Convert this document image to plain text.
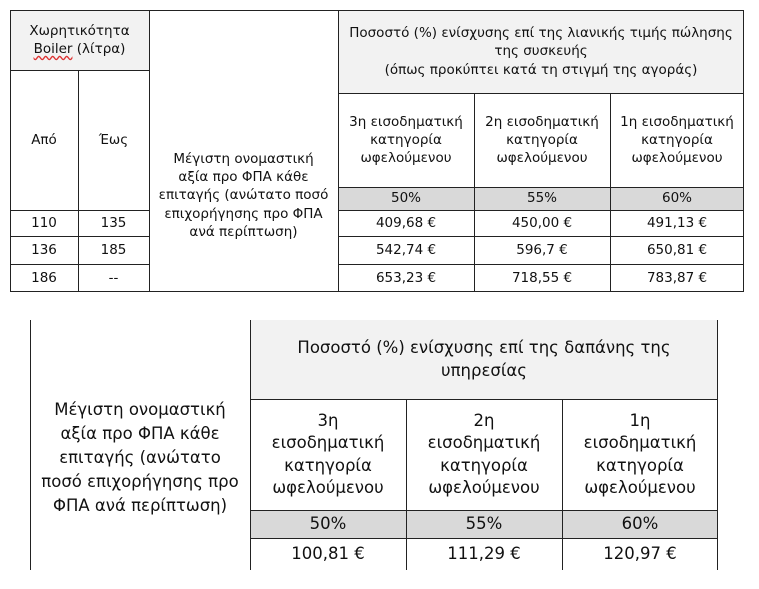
Χωρητικότητα
Boiler (λίτρα)
Ποσοστό (%) ενίσχυσης επί της λιανικής τιμής πώλησης της συσκευής
(όπως προκύπτει κατά τη στιγμή της αγοράς)
Από	Έως
Μέγιστη ονομαστική αξία προ ΦΠΑ κάθε επιταγής (ανώτατο ποσό επιχορήγησης προ ΦΠΑ ανά περίπτωση)
3η εισοδηματική κατηγορία ωφελούμενου
2η εισοδηματική κατηγορία ωφελούμενου
1η εισοδηματική κατηγορία ωφελούμενου
50%	55%	60%
110	135	409,68 €	450,00 €	491,13 €
136	185	542,74 €	596,7 €	650,81 €
186	--	653,23 €	718,55 €	783,87 €
Ποσοστό (%) ενίσχυσης επί της δαπάνης της υπηρεσίας
Μέγιστη ονομαστική αξία προ ΦΠΑ κάθε επιταγής (ανώτατο ποσό επιχορήγησης προ ΦΠΑ ανά περίπτωση)
3η εισοδηματική κατηγορία ωφελούμενου
2η εισοδηματική κατηγορία ωφελούμενου
1η εισοδηματική κατηγορία ωφελούμενου
50%	55%	60%
100,81 €	111,29 €	120,97 €
